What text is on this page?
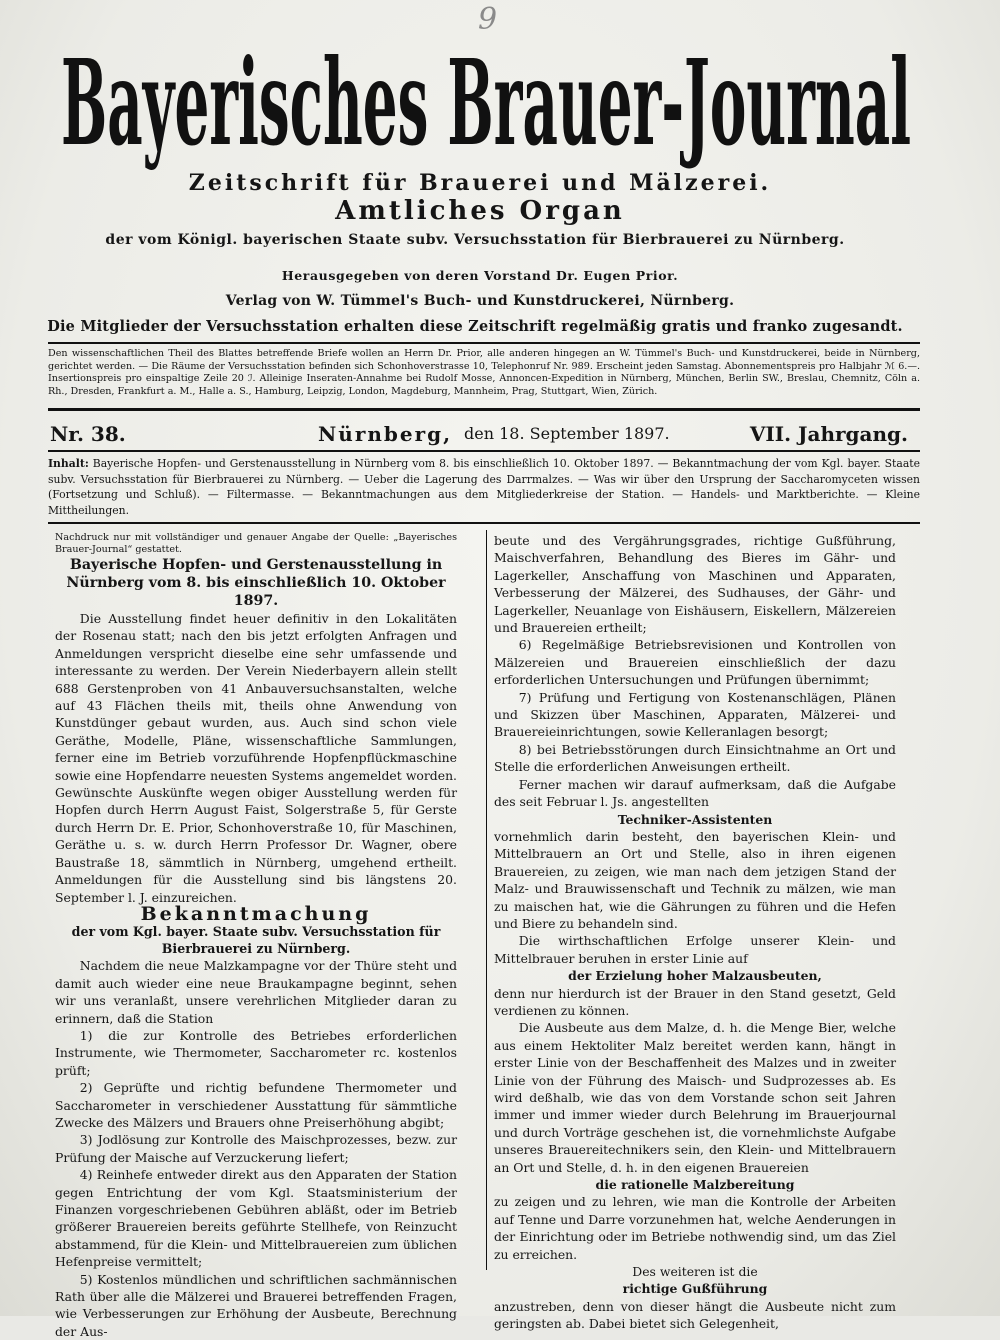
9
Bayerisches Brauer-Journal
Zeitschrift für Brauerei und Mälzerei.
Amtliches Organ
der vom Königl. bayerischen Staate subv. Versuchsstation für Bierbrauerei zu Nürnberg.
Herausgegeben von deren Vorstand Dr. Eugen Prior.
Verlag von W. Tümmel's Buch- und Kunstdruckerei, Nürnberg.
Die Mitglieder der Versuchsstation erhalten diese Zeitschrift regelmäßig gratis und franko zugesandt.

Den wissenschaftlichen Theil des Blattes betreffende Briefe wollen an Herrn Dr. Prior, alle anderen hingegen an W. Tümmel's Buch- und Kunstdruckerei, beide in Nürnberg, gerichtet werden. — Die Räume der Versuchsstation befinden sich Schonhoverstrasse 10, Telephonruf Nr. 989. Erscheint jeden Samstag. Abonnementspreis pro Halbjahr ℳ 6.—. Insertionspreis pro einspaltige Zeile 20 ℐ. Alleinige Inseraten-Annahme bei Rudolf Mosse, Annoncen-Expedition in Nürnberg, München, Berlin SW., Breslau, Chemnitz, Cöln a. Rh., Dresden, Frankfurt a. M., Halle a. S., Hamburg, Leipzig, London, Magdeburg, Mannheim, Prag, Stuttgart, Wien, Zürich.

Nr. 38.	Nürnberg, den 18. September 1897.	VII. Jahrgang.
Inhalt: Bayerische Hopfen- und Gerstenausstellung in Nürnberg vom 8. bis einschließlich 10. Oktober 1897. — Bekanntmachung der vom Kgl. bayer. Staate subv. Versuchsstation für Bierbrauerei zu Nürnberg. — Ueber die Lagerung des Darrmalzes. — Was wir über den Ursprung der Saccharomyceten wissen (Fortsetzung und Schluß). — Filtermasse. — Bekanntmachungen aus dem Mitgliederkreise der Station. — Handels- und Marktberichte. — Kleine Mittheilungen.

Nachdruck nur mit vollständiger und genauer Angabe der Quelle: „Bayerisches Brauer-Journal“ gestattet.

Bayerische Hopfen- und Gerstenausstellung in Nürnberg vom 8. bis einschließlich 10. Oktober 1897.

Die Ausstellung findet heuer definitiv in den Lokalitäten der Rosenau statt; nach den bis jetzt erfolgten Anfragen und Anmeldungen verspricht dieselbe eine sehr umfassende und interessante zu werden. Der Verein Niederbayern allein stellt 688 Gerstenproben von 41 Anbauversuchsanstalten, welche auf 43 Flächen theils mit, theils ohne Anwendung von Kunstdünger gebaut wurden, aus. Auch sind schon viele Geräthe, Modelle, Pläne, wissenschaftliche Sammlungen, ferner eine im Betrieb vorzuführende Hopfenpflückmaschine sowie eine Hopfendarre neuesten Systems angemeldet worden. Gewünschte Auskünfte wegen obiger Ausstellung werden für Hopfen durch Herrn August Faist, Solgerstraße 5, für Gerste durch Herrn Dr. E. Prior, Schonhoverstraße 10, für Maschinen, Geräthe u. s. w. durch Herrn Professor Dr. Wagner, obere Baustraße 18, sämmtlich in Nürnberg, umgehend ertheilt. Anmeldungen für die Ausstellung sind bis längstens 20. September l. J. einzureichen.

Bekanntmachung

der vom Kgl. bayer. Staate subv. Versuchsstation für Bierbrauerei zu Nürnberg.

Nachdem die neue Malzkampagne vor der Thüre steht und damit auch wieder eine neue Braukampagne beginnt, sehen wir uns veranlaßt, unsere verehrlichen Mitglieder daran zu erinnern, daß die Station

1) die zur Kontrolle des Betriebes erforderlichen Instrumente, wie Thermometer, Saccharometer rc. kostenlos prüft;

2) Geprüfte und richtig befundene Thermometer und Saccharometer in verschiedener Ausstattung für sämmtliche Zwecke des Mälzers und Brauers ohne Preiserhöhung abgibt;

3) Jodlösung zur Kontrolle des Maischprozesses, bezw. zur Prüfung der Maische auf Verzuckerung liefert;

4) Reinhefe entweder direkt aus den Apparaten der Station gegen Entrichtung der vom Kgl. Staatsministerium der Finanzen vorgeschriebenen Gebühren abläßt, oder im Betrieb größerer Brauereien bereits geführte Stellhefe, von Reinzucht abstammend, für die Klein- und Mittelbrauereien zum üblichen Hefenpreise vermittelt;

5) Kostenlos mündlichen und schriftlichen sachmännischen Rath über alle die Mälzerei und Brauerei betreffenden Fragen, wie Verbesserungen zur Erhöhung der Ausbeute, Berechnung der Aus-

beute und des Vergährungsgrades, richtige Gußführung, Maischverfahren, Behandlung des Bieres im Gähr- und Lagerkeller, Anschaffung von Maschinen und Apparaten, Verbesserung der Mälzerei, des Sudhauses, der Gähr- und Lagerkeller, Neuanlage von Eishäusern, Eiskellern, Mälzereien und Brauereien ertheilt;

6) Regelmäßige Betriebsrevisionen und Kontrollen von Mälzereien und Brauereien einschließlich der dazu erforderlichen Untersuchungen und Prüfungen übernimmt;

7) Prüfung und Fertigung von Kostenanschlägen, Plänen und Skizzen über Maschinen, Apparaten, Mälzerei- und Brauereieinrichtungen, sowie Kelleranlagen besorgt;

8) bei Betriebsstörungen durch Einsichtnahme an Ort und Stelle die erforderlichen Anweisungen ertheilt.

Ferner machen wir darauf aufmerksam, daß die Aufgabe des seit Februar l. Js. angestellten

Techniker-Assistenten

vornehmlich darin besteht, den bayerischen Klein- und Mittelbrauern an Ort und Stelle, also in ihren eigenen Brauereien, zu zeigen, wie man nach dem jetzigen Stand der Malz- und Brauwissenschaft und Technik zu mälzen, wie man zu maischen hat, wie die Gährungen zu führen und die Hefen und Biere zu behandeln sind.

Die wirthschaftlichen Erfolge unserer Klein- und Mittelbrauer beruhen in erster Linie auf

der Erzielung hoher Malzausbeuten,

denn nur hierdurch ist der Brauer in den Stand gesetzt, Geld verdienen zu können.

Die Ausbeute aus dem Malze, d. h. die Menge Bier, welche aus einem Hektoliter Malz bereitet werden kann, hängt in erster Linie von der Beschaffenheit des Malzes und in zweiter Linie von der Führung des Maisch- und Sudprozesses ab. Es wird deßhalb, wie das von dem Vorstande schon seit Jahren immer und immer wieder durch Belehrung im Brauerjournal und durch Vorträge geschehen ist, die vornehmlichste Aufgabe unseres Brauereitechnikers sein, den Klein- und Mittelbrauern an Ort und Stelle, d. h. in den eigenen Brauereien

die rationelle Malzbereitung

zu zeigen und zu lehren, wie man die Kontrolle der Arbeiten auf Tenne und Darre vorzunehmen hat, welche Aenderungen in der Einrichtung oder im Betriebe nothwendig sind, um das Ziel zu erreichen.

Des weiteren ist die

richtige Gußführung

anzustreben, denn von dieser hängt die Ausbeute nicht zum geringsten ab. Dabei bietet sich Gelegenheit,
